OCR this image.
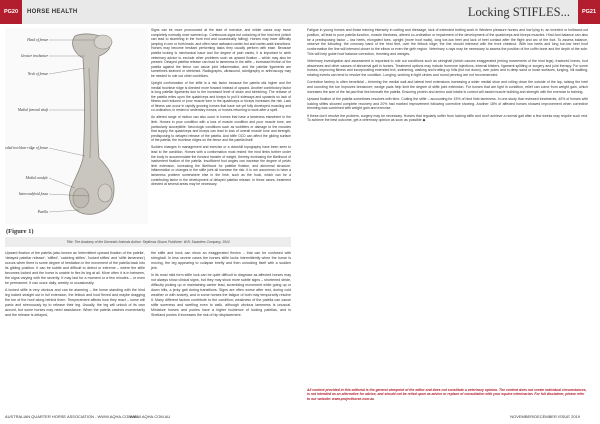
PG20	HORSE HEALTH
Head of femur
Greater trochanter
Neck of femur
Medial femoral shaft
Medial trochlear ridge of femur
Medial condyle
Intercondyloid fossa
Patella
(Figure 1)
Title: The Anatomy of the Domestic Animals Author: Septimus Sisson Publisher: W.B. Saunders Company, 1914

Upward fixation of the patella (also known as 'intermittent upward fixation of the patella', 'delayed patellar release', 'stifled', 'catching stifles', 'locked stifles' and 'stifle lameness') occurs when there is some degree of hesitation in the movement of the patella back into its gliding position. It can be subtle and difficult to detect or extreme – where the stifle becomes locked and the horse is unable to flex its leg at all. More often it is in between, the signs varying with the severity. It may last for a moment or a few minutes – or even be permanent. It can occur daily, weekly or occasionally.

A locked stifle is very obvious and can be alarming – the horse standing with the hind leg locked straight out in full extension, the fetlock and hoof flexed and maybe dragging the toe of the hoof along behind them. Temperament affects how they react – some will panic and strenuously try to release their leg. Usually, the leg will unlock of its own accord, but some horses may need assistance. When the patella catches momentarily and the release is delayed,

the stifle and hock can show an exaggerated flexion – that can be confused with stringhalt. In less severe cases the horses stifle locks intermittently when the horse is moving, the leg appearing to collapse briefly and then unlocking itself with a sudden jerk.

In its most mild form stifle lock can be quite difficult to diagnose as affected horses may not always show clinical signs, but they may show more subtle signs – shortened stride, difficulty picking up or maintaining canter lead, scrambling movement while going up or down hills, a jerky gait during transitions. Signs are often worse after rest, during cold weather or with anxiety, and in some horses the fatigue of both may temporarily resolve it. Many different factors contribute to the condition; weakness of the patella can cause stifle soreness and swelling even to walk, although obvious lameness is unusual. Miniature horses and ponies have a higher incidence of locking patellas, and in Shetland ponies it increases the risk of hip displacement.

AUSTRALIAN QUARTER HORSE ASSOCIATION - WWW.AQHA.COM.AU
PG21
Locking STIFLES...

Signs can be more pronounced at the start of exercise, and milder cases may move completely normally once warmed up. Continuous signs but unlocking of the hind end (which can lead to stumbling in the front end and occasionally falling). Horses may have difficulty jumping in one or both leads, and often have awkward canter-trot and canter-walk transitions. Horses may become hesitant performing tasks they usually perform with ease. Because patella locking is mechanical issue and the degree of pain varies, it is important to seek veterinary advice to exclude other problems such as upward fixation – which may also be present. Delayed patellar release can lead to lameness in the stifle – increased friction of the patella against the femur can cause joint inflammation, and the patellar ligaments are sometimes strained or stretched. Radiographs, ultrasound, scintigraphy or arthroscopy may be needed to rule out other conditions.

Upright conformation of the stifle is a risk factor because the patella sits higher and the medial trochlear ridge is directed more forward instead of upward. Another contributory factor is long patellar ligaments due to the increased level of strain and stretching. The release of the patella relies upon the quadriceps and biceps to pull it sideways and upwards so lack of fitness and reduced or poor muscle tone in the quadriceps or biceps increases the risk. Lack of fitness can occur in rapidly growing horses that have not yet fully developed muscling and co-ordination, in rested or sedentary horses, or horses returning to work after a spell.

An altered range of motion can also occur in horses that have a lameness elsewhere in the limb. Horses in poor condition with a loss of muscle condition and poor muscle tone, are particularly susceptible. Neurologic conditions such as wobblers or damage to the muscles that supply the quadriceps and biceps can lead to loss of overall muscle tone and strength, predisposing to delayed release of the patella. And stifle OCD can affect the gliding surface of the patella, the trochlear ridges on the femur and the patella itself.

Sudden changes in management and exercise or a downhill topography have been seen to lead to the condition. Horses with a conformation must rested: the hind limbs further under the body to accommodate the forward transfer of weight, thereby increasing the likelihood of inadvertent fixation of the patella. Insufficient foot angles can increase the degree of pelvic limb extension, increasing the likelihood for patellar fixation, and abnormal structure, inflammation or changes in the stifle joint all increase the risk. It is not uncommon to have a lameness problem somewhere else in the limb, such as the hock, which can be a contributing factor in the development of delayed patellar release. In these cases, treatment directed at several areas may be necessary.

Fatigue in young horses and those training intensely in cutting and dressage, lack of extended trotting work in Western pleasure horses and low lying in, an inverted or hollowed-out position, all lead to poor patella function, muscle tiredness, altered co-ordination or impairment of the development of the quadriceps and biceps muscles. Hind-foot balance can also be a predisposing factor – low heels, elongated toes, upright (more hoof walls), long toe-low heel and lack of heel contact after the flight and arc of the foot. To assess balance, observe the following: the coronary band of the hind feet, over the fetlock ridge; the line should intersect with the front chestnut. With low heels and long toe-low heel hoof conformation the line will intersect closer to the elbow or even the girth region. Veterinary x-rays may be necessary to assess the position of the coffin bone and the depth of the sole. This will help guide hoof balance correction, trimming and wedges.

Veterinary investigation and assessment is important to rule out conditions such as stringhalt (which causes exaggerated jerking movements of the hind legs), fractured bones, foot abscesses and other causes of abnormal gait in horses. Treatment options may include hormone injections, internal blisters, ligament splitting or surgery and joint therapy. For some horses, improving fitness and incorporating extended trot, swimming, walking and trotting up hills (but not down), over poles and in deep sand or loose surfaces, lunging, hill walking, rotating events can tend to resolve the condition. Lunging, working in tight circles and round penning are not recommended.

Corrective farriery is often beneficial – trimming the medial wall and lateral heel extensions increasing a wider medial shoe and rolling down the outside of the lap, raising the heel and rounding the toe improves breakover; wedge pads help limit the degree of stifle joint extension. For horses that are light in condition, relief can come from weight gain, which increases the size of the fat pad that lies beneath the patella. Ensuring protein and amino acid intake is correct will assist muscle building and strength with the exercise to training.

Upward fixation of the patella sometimes resolves with time. Cutting the stifle – accounting for 15% of hind limb lameness. In one study that reviewed treatments, 40% of horses with locking stifles showed complete recovery and 20% had marked improvement following corrective shoeing. Another 18% of affected horses showed improvement when corrective trimming was combined with weight gain and exercise.

If these don't resolve the problem, surgery may be necessary. Horses that regularly suffer from locking stifle and don't achieve a normal gait after a few weeks may require such rest. To achieve the best outcome, get a veterinary opinion as soon as possible ◆

All content provided in this editorial is the general viewpoint of the editor and does not constitute a veterinary opinion. The content does not create individual circumstances, is not intended as an alternative for advice, and should not be relied upon as advice or replace of consultation with your equine veterinarian. For full disclaimer, please refer to our website: www.projecthorse.com.au
WWW.AQHA.COM.AU	NOVEMBER/DECEMBER ISSUE 2019
